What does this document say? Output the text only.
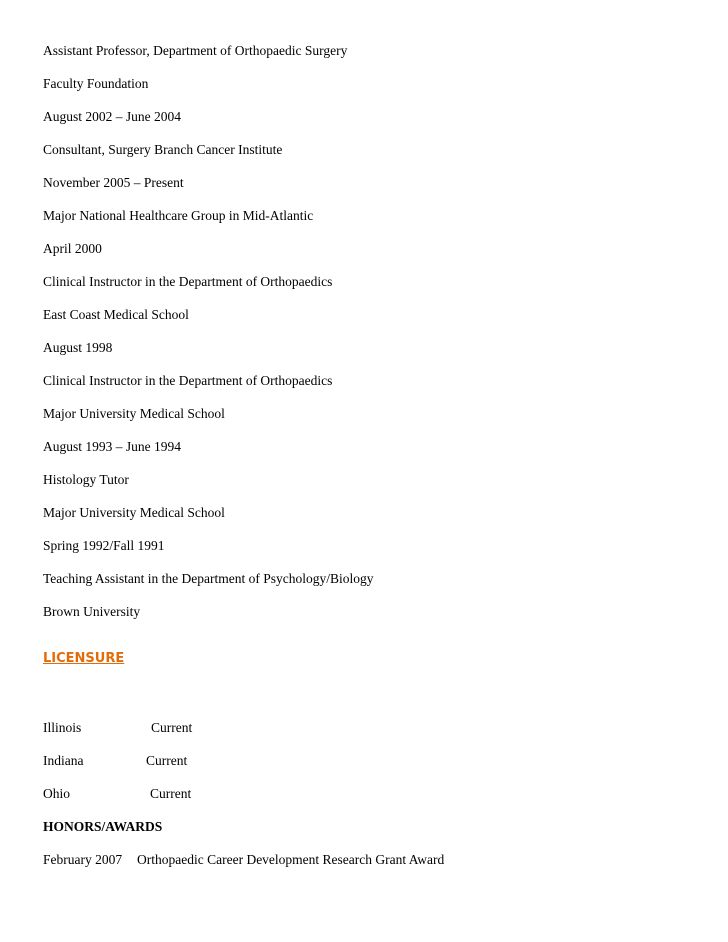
Assistant Professor, Department of Orthopaedic Surgery
Faculty Foundation
August 2002 – June 2004
Consultant, Surgery Branch Cancer Institute
November 2005 – Present
Major National Healthcare Group in Mid-Atlantic
April 2000
Clinical Instructor in the Department of Orthopaedics
East Coast Medical School
August 1998
Clinical Instructor in the Department of Orthopaedics
Major University Medical School
August 1993 – June 1994
Histology Tutor
Major University Medical School
Spring 1992/Fall 1991
Teaching Assistant in the Department of Psychology/Biology
Brown University
LICENSURE
Illinois	Current
Indiana	Current
Ohio	Current
HONORS/AWARDS
February 2007 Orthopaedic Career Development Research Grant Award
